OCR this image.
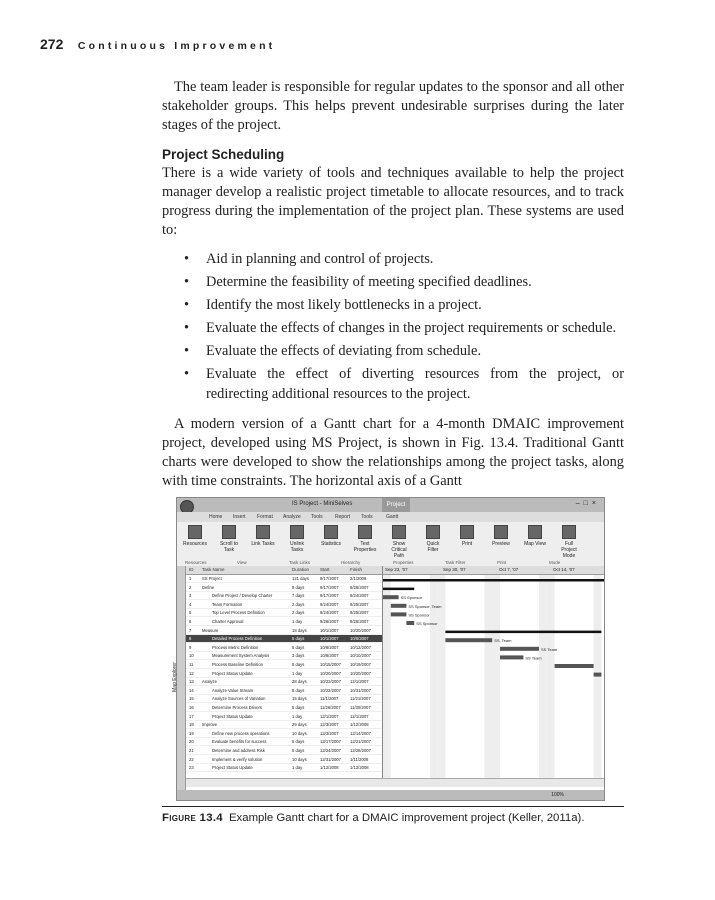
272 Continuous Improvement

The team leader is responsible for regular updates to the sponsor and all other stakeholder groups. This helps prevent undesirable surprises during the later stages of the project.

Project Scheduling

There is a wide variety of tools and techniques available to help the project manager develop a realistic project timetable to allocate resources, and to track progress during the implementation of the project plan. These systems are used to:

• Aid in planning and control of projects.
• Determine the feasibility of meeting specified deadlines.
• Identify the most likely bottlenecks in a project.
• Evaluate the effects of changes in the project requirements or schedule.
• Evaluate the effects of deviating from schedule.
• Evaluate the effect of diverting resources from the project, or redirecting additional resources to the project.

A modern version of a Gantt chart for a 4-month DMAIC improvement project, developed using MS Project, is shown in Fig. 13.4. Traditional Gantt charts were developed to show the relationships among the project tasks, along with time constraints. The horizontal axis of a Gantt

IS Project - MiniSelves	Project	–□×
Home Insert Format Analyze Tools Report Tools	Gantt
Resources	Scroll to Task
Link Tasks	Unlink Tasks
Statistics	Text Properties
Show Critical Path
Quick Filter
Print	Preview	Map View	Full Project Mode
Resources	View	Task Links	Hierarchy	Properties	Task Filter	Print	Mode
Map Explorer
ID Task Name	Duration Start	Finish
1	SS Project	121 days	9/17/2007	2/1/2008
2	Define	9 days	9/17/2007	9/26/2007
3	Define Project / Develop Charter	7 days	9/17/2007	9/24/2007
4	Team Formation	2 days	9/24/2007	9/25/2007
5	Top Level Process Definition	2 days	9/24/2007	9/25/2007
6	Charter Approval	1 day	9/26/2007	9/26/2007
7	Measure	18 days	10/1/2007	10/20/2007
8	Detailed Process Definition	5 days	10/1/2007	10/6/2007
9	Process Metric Definition	5 days	10/8/2007	10/12/2007
10	Measurement System Analysis	3 days	10/8/2007	10/10/2007
11	Process Baseline Definition	5 days	10/15/2007 10/19/2007
12	Project Status Update	1 day	10/20/2007 10/20/2007
13 Analyze	28 days	10/22/2007 12/1/2007
14	Analyze Value Stream	8 days	10/22/2007 10/31/2007
15	Analyze Sources of Variation	15 days	11/1/2007	11/21/2007
16	Determine Process Drivers	5 days	11/26/2007 11/30/2007
17	Project Status Update	1 day	12/1/2007	12/1/2007
18 Improve	29 days	12/3/2007	1/12/2008
19	Define new process operations	10 days	12/3/2007	12/14/2007
20	Evaluate benefits for success	5 days	12/17/2007 12/21/2007
21	Determine and address Risk	5 days	12/24/2007 12/28/2007
22	Implement & verify solution	10 days	12/31/2007 1/11/2008
23	Project Status Update	1 day	1/12/2008	1/12/2008
Sep 23, '07	Sep 30, '07	Oct 7, '07	Oct 14, '07
SS Sponsor
SS Sponsor, Team
SS Sponsor
SS Sponsor
SS, Team
SS Team
SS Team
100%
Figure 13.4 Example Gantt chart for a DMAIC improvement project (Keller, 2011a).
